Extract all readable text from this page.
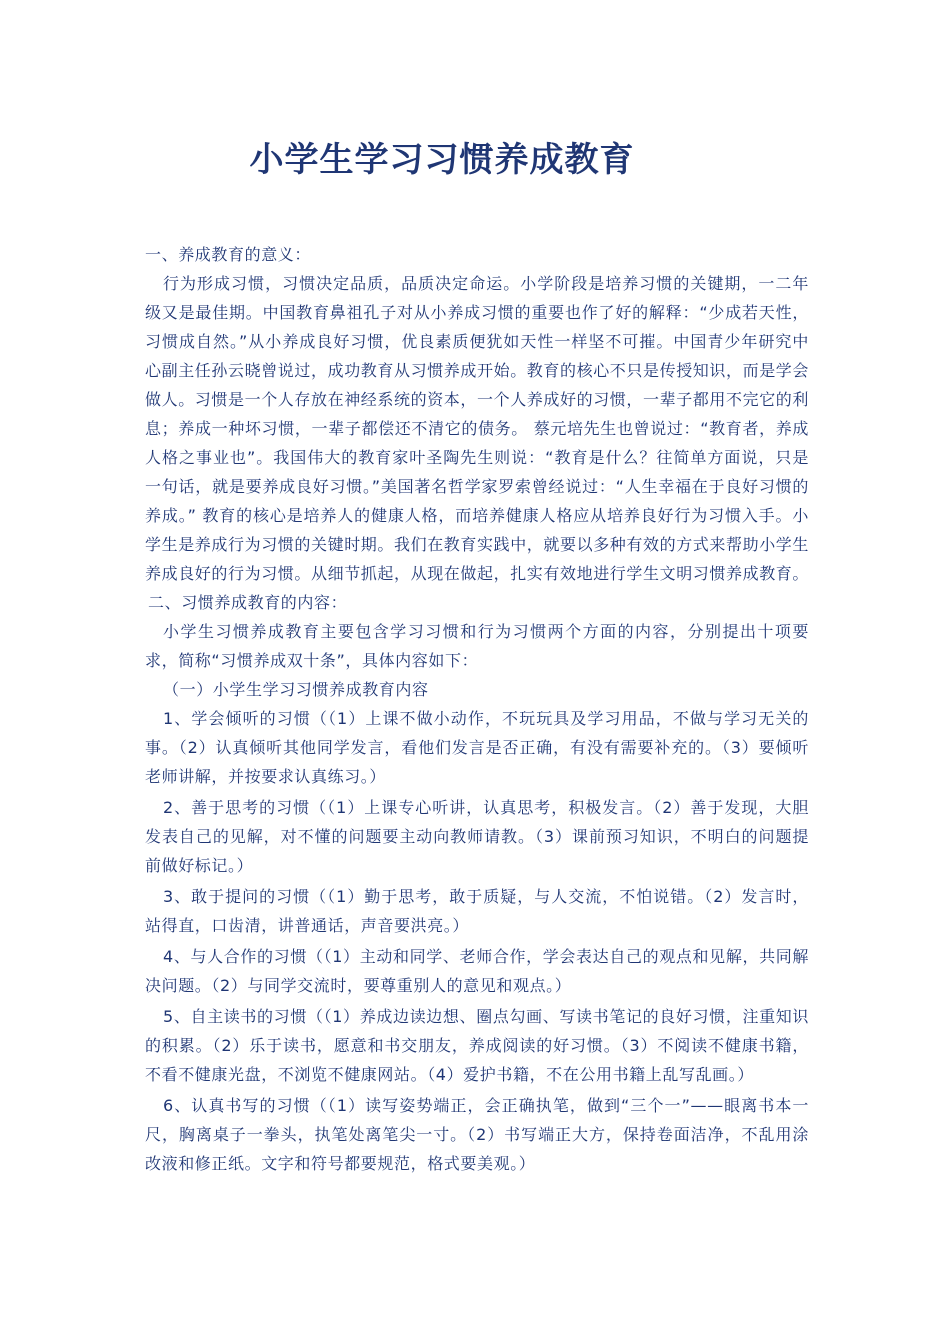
小学生学习习惯养成教育

一、养成教育的意义：

行为形成习惯，习惯决定品质，品质决定命运。小学阶段是培养习惯的关键期，一二年级又是最佳期。中国教育鼻祖孔子对从小养成习惯的重要也作了好的解释：“少成若天性，习惯成自然。”从小养成良好习惯，优良素质便犹如天性一样坚不可摧。中国青少年研究中心副主任孙云晓曾说过，成功教育从习惯养成开始。教育的核心不只是传授知识，而是学会做人。习惯是一个人存放在神经系统的资本，一个人养成好的习惯，一辈子都用不完它的利息；养成一种坏习惯，一辈子都偿还不清它的债务。 蔡元培先生也曾说过：“教育者，养成人格之事业也”。我国伟大的教育家叶圣陶先生则说：“教育是什么？往简单方面说，只是一句话，就是要养成良好习惯。”美国著名哲学家罗索曾经说过：“人生幸福在于良好习惯的养成。” 教育的核心是培养人的健康人格，而培养健康人格应从培养良好行为习惯入手。小学生是养成行为习惯的关键时期。我们在教育实践中，就要以多种有效的方式来帮助小学生养成良好的行为习惯。从细节抓起，从现在做起，扎实有效地进行学生文明习惯养成教育。

二、习惯养成教育的内容：

小学生习惯养成教育主要包含学习习惯和行为习惯两个方面的内容，分别提出十项要求，简称“习惯养成双十条”，具体内容如下：

（一）小学生学习习惯养成教育内容

1、学会倾听的习惯（（1）上课不做小动作，不玩玩具及学习用品，不做与学习无关的事。（2）认真倾听其他同学发言，看他们发言是否正确，有没有需要补充的。（3）要倾听老师讲解，并按要求认真练习。）

2、善于思考的习惯（（1）上课专心听讲，认真思考，积极发言。（2）善于发现，大胆发表自己的见解，对不懂的问题要主动向教师请教。（3）课前预习知识，不明白的问题提前做好标记。）

3、敢于提问的习惯（（1）勤于思考，敢于质疑，与人交流，不怕说错。（2）发言时，站得直，口齿清，讲普通话，声音要洪亮。）

4、与人合作的习惯（（1）主动和同学、老师合作，学会表达自己的观点和见解，共同解决问题。（2）与同学交流时，要尊重别人的意见和观点。）

5、自主读书的习惯（（1）养成边读边想、圈点勾画、写读书笔记的良好习惯，注重知识的积累。（2）乐于读书，愿意和书交朋友，养成阅读的好习惯。（3）不阅读不健康书籍，不看不健康光盘，不浏览不健康网站。（4）爱护书籍，不在公用书籍上乱写乱画。）

6、认真书写的习惯（（1）读写姿势端正，会正确执笔，做到“三个一”——眼离书本一尺，胸离桌子一拳头，执笔处离笔尖一寸。（2）书写端正大方，保持卷面洁净，不乱用涂改液和修正纸。文字和符号都要规范，格式要美观。）
